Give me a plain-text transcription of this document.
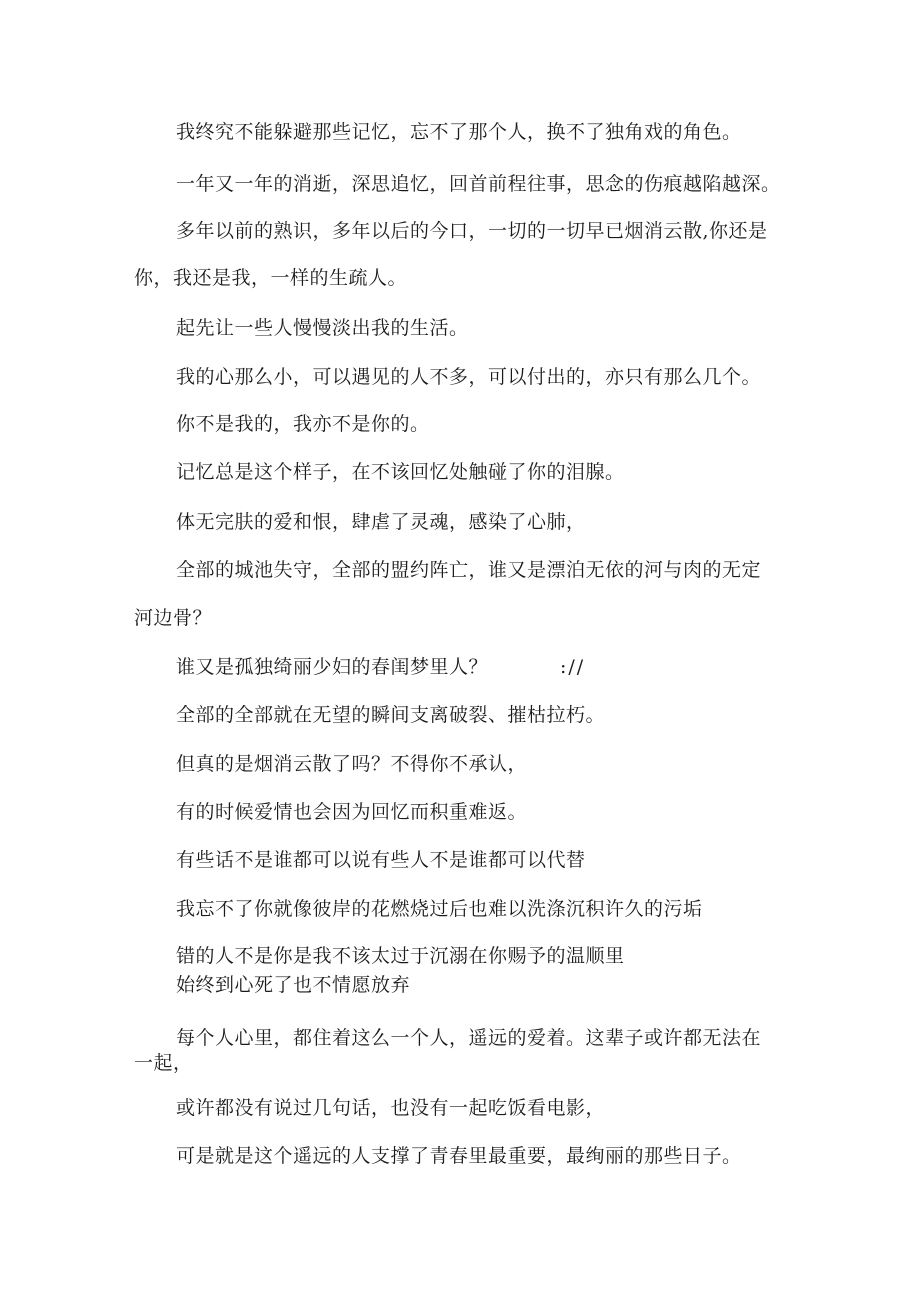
我终究不能躲避那些记忆，忘不了那个人，换不了独角戏的角色。
一年又一年的消逝，深思追忆，回首前程往事，思念的伤痕越陷越深。
多年以前的熟识，多年以后的今口，一切的一切早已烟消云散,你还是
你，我还是我，一样的生疏人。
起先让一些人慢慢淡出我的生活。
我的心那么小，可以遇见的人不多，可以付出的，亦只有那么几个。
你不是我的，我亦不是你的。
记忆总是这个样子，在不该回忆处触碰了你的泪腺。
体无完肤的爱和恨，肆虐了灵魂，感染了心肺，
全部的城池失守，全部的盟约阵亡，谁又是漂泊无依的河与肉的无定
河边骨？
谁又是孤独绮丽少妇的春闺梦里人？	://
全部的全部就在无望的瞬间支离破裂、摧枯拉朽。
但真的是烟消云散了吗？不得你不承认，
有的时候爱情也会因为回忆而积重难返。
有些话不是谁都可以说有些人不是谁都可以代替
我忘不了你就像彼岸的花燃烧过后也难以洗涤沉积许久的污垢
错的人不是你是我不该太过于沉溺在你赐予的温顺里
始终到心死了也不情愿放弃
每个人心里，都住着这么一个人，遥远的爱着。这辈子或许都无法在
一起，
或许都没有说过几句话，也没有一起吃饭看电影，
可是就是这个遥远的人支撑了青春里最重要，最绚丽的那些日子。
